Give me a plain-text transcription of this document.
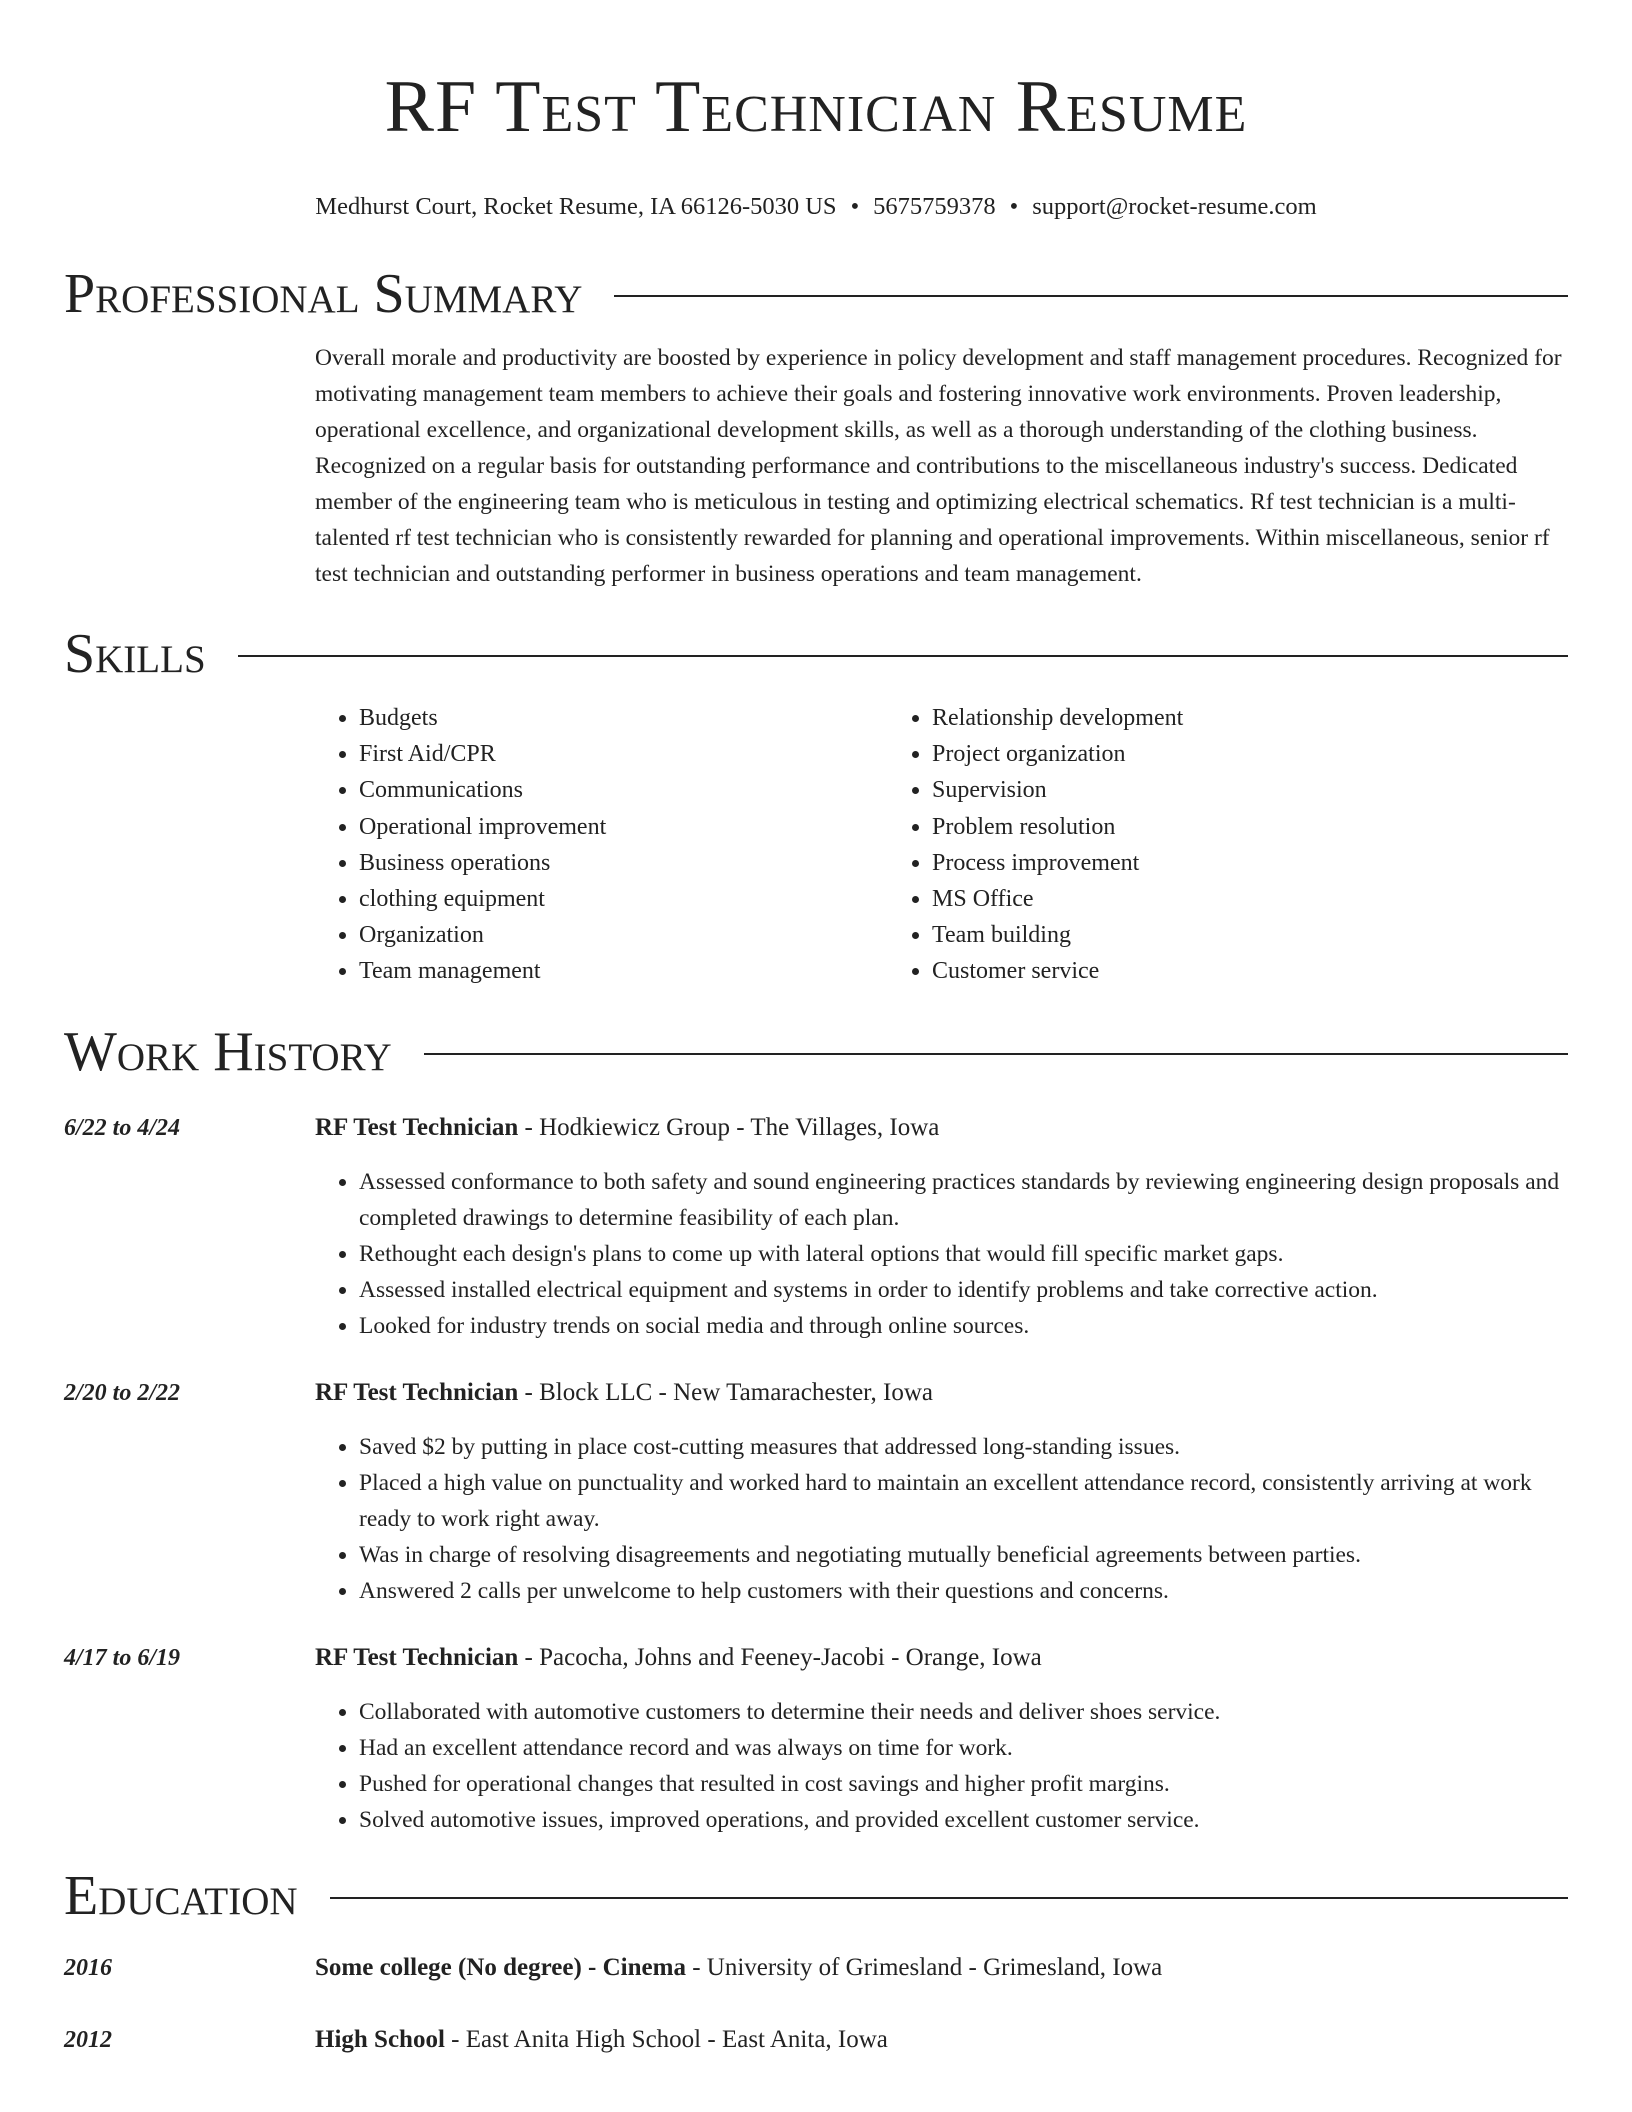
RF Test Technician Resume
Medhurst Court, Rocket Resume, IA 66126-5030 US • 5675759378 • support@rocket-resume.com
Professional Summary
Overall morale and productivity are boosted by experience in policy development and staff management procedures. Recognized for motivating management team members to achieve their goals and fostering innovative work environments. Proven leadership, operational excellence, and organizational development skills, as well as a thorough understanding of the clothing business. Recognized on a regular basis for outstanding performance and contributions to the miscellaneous industry's success. Dedicated member of the engineering team who is meticulous in testing and optimizing electrical schematics. Rf test technician is a multi-talented rf test technician who is consistently rewarded for planning and operational improvements. Within miscellaneous, senior rf test technician and outstanding performer in business operations and team management.
Skills
• Budgets
• First Aid/CPR
• Communications
• Operational improvement
• Business operations
• clothing equipment
• Organization
• Team management
• Relationship development
• Project organization
• Supervision
• Problem resolution
• Process improvement
• MS Office
• Team building
• Customer service
Work History
6/22 to 4/24	RF Test Technician - Hodkiewicz Group - The Villages, Iowa
• Assessed conformance to both safety and sound engineering practices standards by reviewing engineering design proposals and completed drawings to determine feasibility of each plan.
• Rethought each design's plans to come up with lateral options that would fill specific market gaps.
• Assessed installed electrical equipment and systems in order to identify problems and take corrective action.
• Looked for industry trends on social media and through online sources.
2/20 to 2/22	RF Test Technician - Block LLC - New Tamarachester, Iowa
• Saved $2 by putting in place cost-cutting measures that addressed long-standing issues.
• Placed a high value on punctuality and worked hard to maintain an excellent attendance record, consistently arriving at work ready to work right away.
• Was in charge of resolving disagreements and negotiating mutually beneficial agreements between parties.
• Answered 2 calls per unwelcome to help customers with their questions and concerns.
4/17 to 6/19	RF Test Technician - Pacocha, Johns and Feeney-Jacobi - Orange, Iowa
• Collaborated with automotive customers to determine their needs and deliver shoes service.
• Had an excellent attendance record and was always on time for work.
• Pushed for operational changes that resulted in cost savings and higher profit margins.
• Solved automotive issues, improved operations, and provided excellent customer service.
Education
2016	Some college (No degree) - Cinema - University of Grimesland - Grimesland, Iowa
2012	High School - East Anita High School - East Anita, Iowa
